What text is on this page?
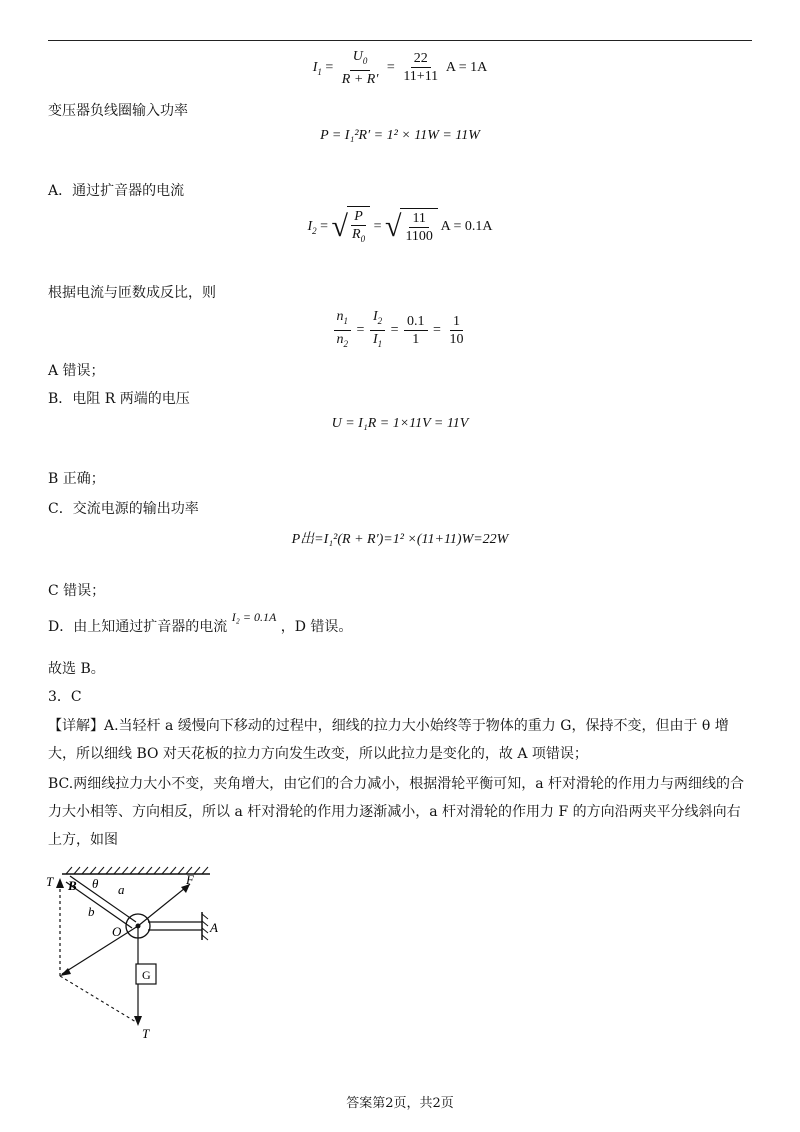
$I_1 = \frac{U_0}{R + R'} = \frac{22}{11+11}$ A = 1A
变压器负线圈输入功率
P = I₁²R′ = 1² × 11W = 11W
A．通过扩音器的电流
$I_2$ = √ $\frac{P}{R_0}$ = √ $\frac{11}{1100}$ A = 0.1A
根据电流与匝数成反比，则
$\frac{n_1}{n_2} = \frac{I_2}{I_1} = \frac{0.1}{1} = \frac{1}{10}$
A 错误；
B．电阻 R 两端的电压
U = I₁R = 1×11V = 11V
B 正确；
C．交流电源的输出功率
P出=I₁²(R + R′)=1² ×(11+11)W=22W
C 错误；
D．由上知通过扩音器的电流 I₂ = 0.1A ，D 错误。
故选 B。
3．C
【详解】A.当轻杆 a 缓慢向下移动的过程中，细线的拉力大小始终等于物体的重力 G，保持不变，但由于 θ 增大，所以细线 BO 对天花板的拉力方向发生改变，所以此拉力是变化的，故 A 项错误；
BC.两细线拉力大小不变，夹角增大，由它们的合力减小，根据滑轮平衡可知，a 杆对滑轮的作用力与两细线的合力大小相等、方向相反，所以 a 杆对滑轮的作用力逐渐减小，a 杆对滑轮的作用力 F 的方向沿两夹平分线斜向右上方，如图
T B θ a
F
b
O	A
G
T
答案第2页，共2页
